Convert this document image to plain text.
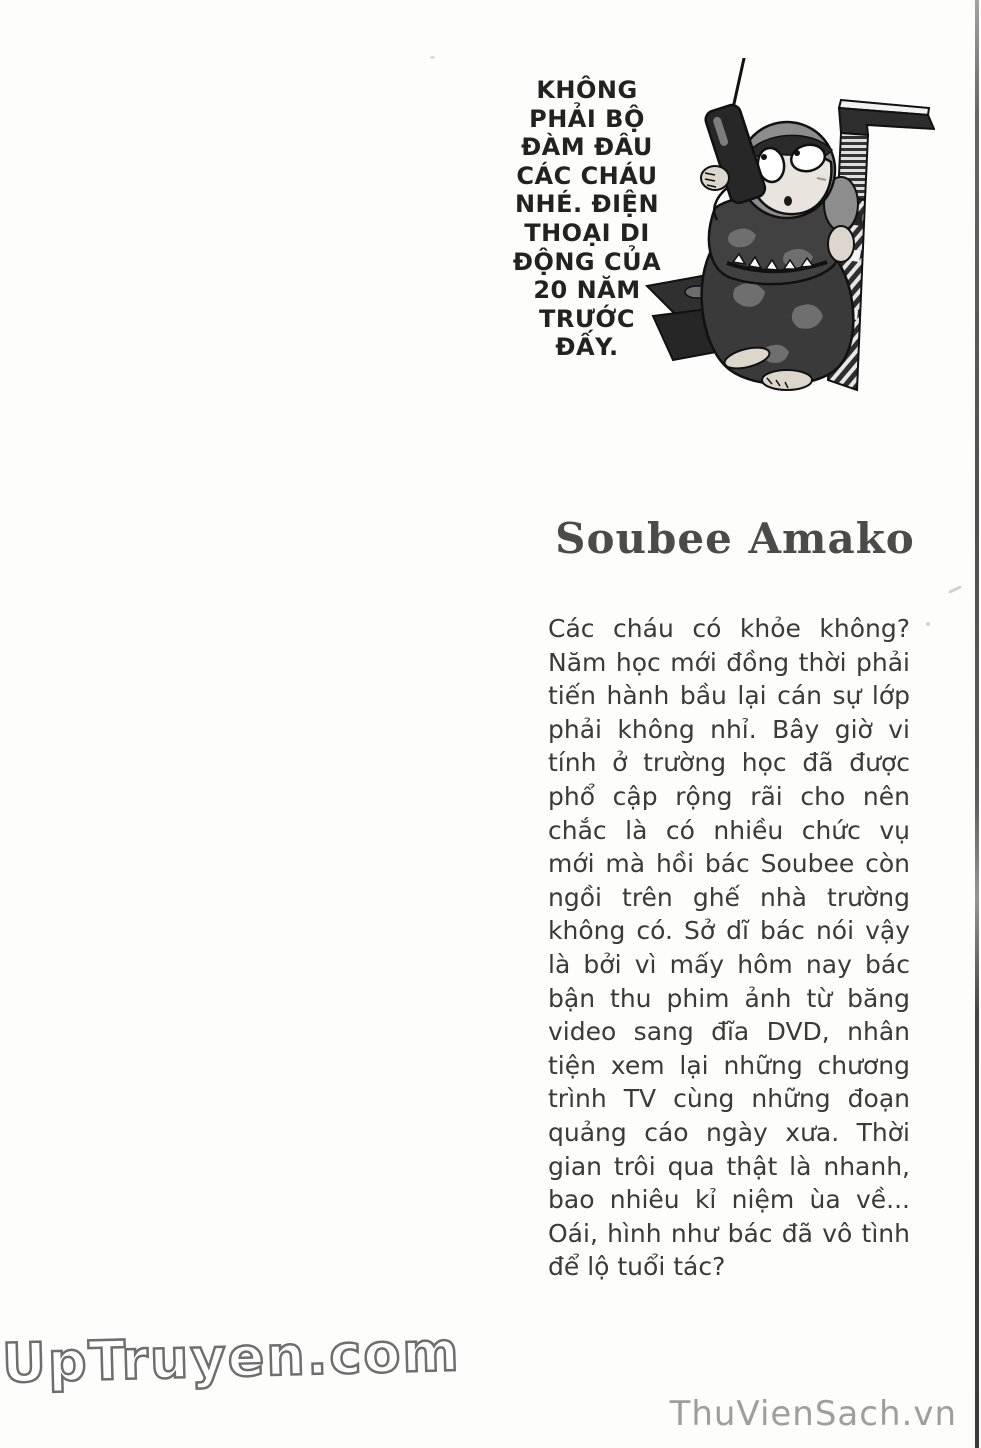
KHÔNG
PHẢI BỘ
ĐÀM ĐÂU
CÁC CHÁU
NHÉ. ĐIỆN
THOẠI DI
ĐỘNG CỦA
20 NĂM
TRƯỚC
ĐẤY.
Soubee Amako
Các cháu có khỏe không?
Năm học mới đồng thời phải
tiến hành bầu lại cán sự lớp
phải không nhỉ. Bây giờ vi
tính ở trường học đã được
phổ cập rộng rãi cho nên
chắc là có nhiều chức vụ
mới mà hồi bác Soubee còn
ngồi trên ghế nhà trường
không có. Sở dĩ bác nói vậy
là bởi vì mấy hôm nay bác
bận thu phim ảnh từ băng
video sang đĩa DVD, nhân
tiện xem lại những chương
trình TV cùng những đoạn
quảng cáo ngày xưa. Thời
gian trôi qua thật là nhanh,
bao nhiêu kỉ niệm ùa về...
Oái, hình như bác đã vô tình
để lộ tuổi tác?
UpTruyen.com
ThuVienSach.vn
